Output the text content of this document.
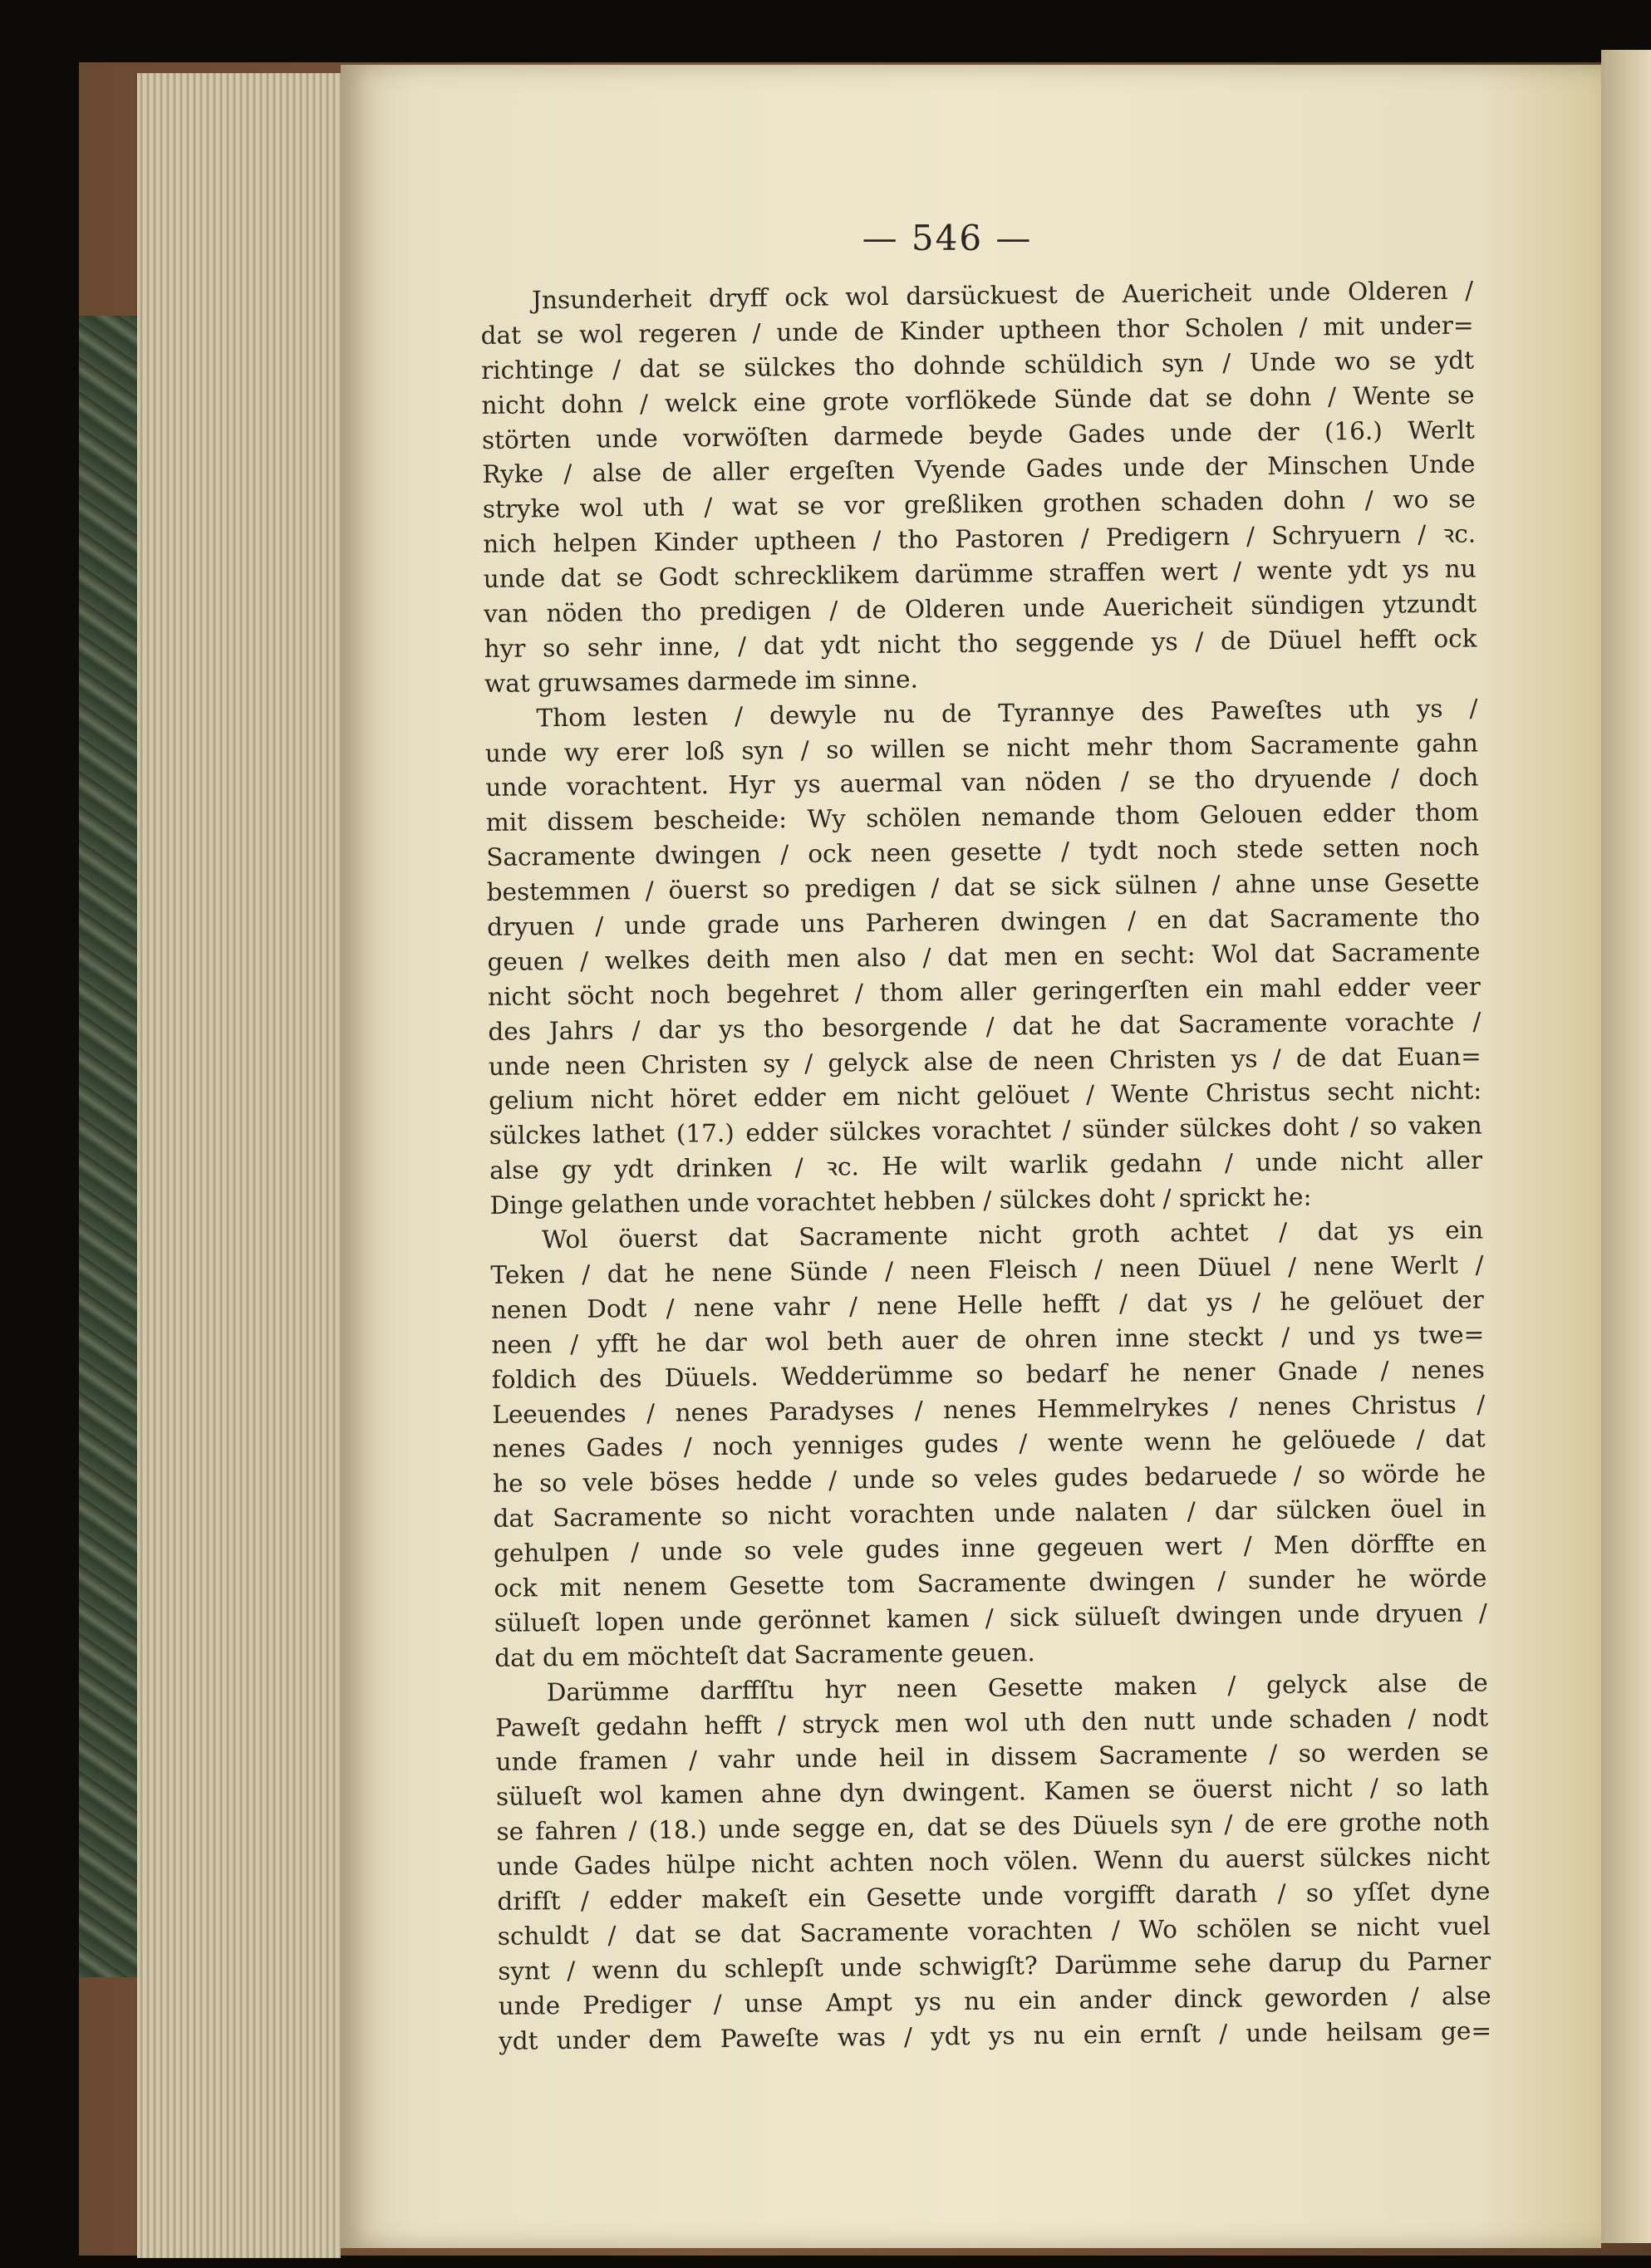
— 546 —
Jnsunderheit dryff ock wol darsückuest de Auericheit unde Olderen /
dat se wol regeren / unde de Kinder uptheen thor Scholen / mit under=
richtinge / dat se sülckes tho dohnde schüldich syn / Unde wo se ydt
nicht dohn / welck eine grote vorflökede Sünde dat se dohn / Wente se
störten unde vorwöſten darmede beyde Gades unde der (16.) Werlt
Ryke / alse de aller ergeſten Vyende Gades unde der Minschen Unde
stryke wol uth / wat se vor greßliken grothen schaden dohn / wo se
nich helpen Kinder uptheen / tho Pastoren / Predigern / Schryuern / ꝛc.
unde dat se Godt schrecklikem darümme straffen wert / wente ydt ys nu
van nöden tho predigen / de Olderen unde Auericheit sündigen ytzundt
hyr so sehr inne, / dat ydt nicht tho seggende ys / de Düuel hefft ock
wat gruwsames darmede im sinne.
Thom lesten / dewyle nu de Tyrannye des Paweſtes uth ys /
unde wy erer loß syn / so willen se nicht mehr thom Sacramente gahn
unde vorachtent. Hyr ys auermal van nöden / se tho dryuende / doch
mit dissem bescheide: Wy schölen nemande thom Gelouen edder thom
Sacramente dwingen / ock neen gesette / tydt noch stede setten noch
bestemmen / öuerst so predigen / dat se sick sülnen / ahne unse Gesette
dryuen / unde grade uns Parheren dwingen / en dat Sacramente tho
geuen / welkes deith men also / dat men en secht: Wol dat Sacramente
nicht söcht noch begehret / thom aller geringerſten ein mahl edder veer
des Jahrs / dar ys tho besorgende / dat he dat Sacramente vorachte /
unde neen Christen sy / gelyck alse de neen Christen ys / de dat Euan=
gelium nicht höret edder em nicht gelöuet / Wente Christus secht nicht:
sülckes lathet (17.) edder sülckes vorachtet / sünder sülckes doht / so vaken
alse gy ydt drinken / ꝛc. He wilt warlik gedahn / unde nicht aller
Dinge gelathen unde vorachtet hebben / sülckes doht / sprickt he:
Wol öuerst dat Sacramente nicht groth achtet / dat ys ein
Teken / dat he nene Sünde / neen Fleisch / neen Düuel / nene Werlt /
nenen Dodt / nene vahr / nene Helle hefft / dat ys / he gelöuet der
neen / yfft he dar wol beth auer de ohren inne steckt / und ys twe=
foldich des Düuels. Wedderümme so bedarf he nener Gnade / nenes
Leeuendes / nenes Paradyses / nenes Hemmelrykes / nenes Christus /
nenes Gades / noch yenniges gudes / wente wenn he gelöuede / dat
he so vele böses hedde / unde so veles gudes bedaruede / so wörde he
dat Sacramente so nicht vorachten unde nalaten / dar sülcken öuel in
gehulpen / unde so vele gudes inne gegeuen wert / Men dörffte en
ock mit nenem Gesette tom Sacramente dwingen / sunder he wörde
sülueſt lopen unde gerönnet kamen / sick sülueſt dwingen unde dryuen /
dat du em möchteſt dat Sacramente geuen.
Darümme darffſtu hyr neen Gesette maken / gelyck alse de
Paweſt gedahn hefft / stryck men wol uth den nutt unde schaden / nodt
unde framen / vahr unde heil in dissem Sacramente / so werden se
sülueſt wol kamen ahne dyn dwingent. Kamen se öuerst nicht / so lath
se fahren / (18.) unde segge en, dat se des Düuels syn / de ere grothe noth
unde Gades hülpe nicht achten noch völen. Wenn du auerst sülckes nicht
drifſt / edder makeſt ein Gesette unde vorgifft darath / so yſſet dyne
schuldt / dat se dat Sacramente vorachten / Wo schölen se nicht vuel
synt / wenn du schlepſt unde schwigſt? Darümme sehe darup du Parner
unde Prediger / unse Ampt ys nu ein ander dinck geworden / alse
ydt under dem Paweſte was / ydt ys nu ein ernſt / unde heilsam ge=
